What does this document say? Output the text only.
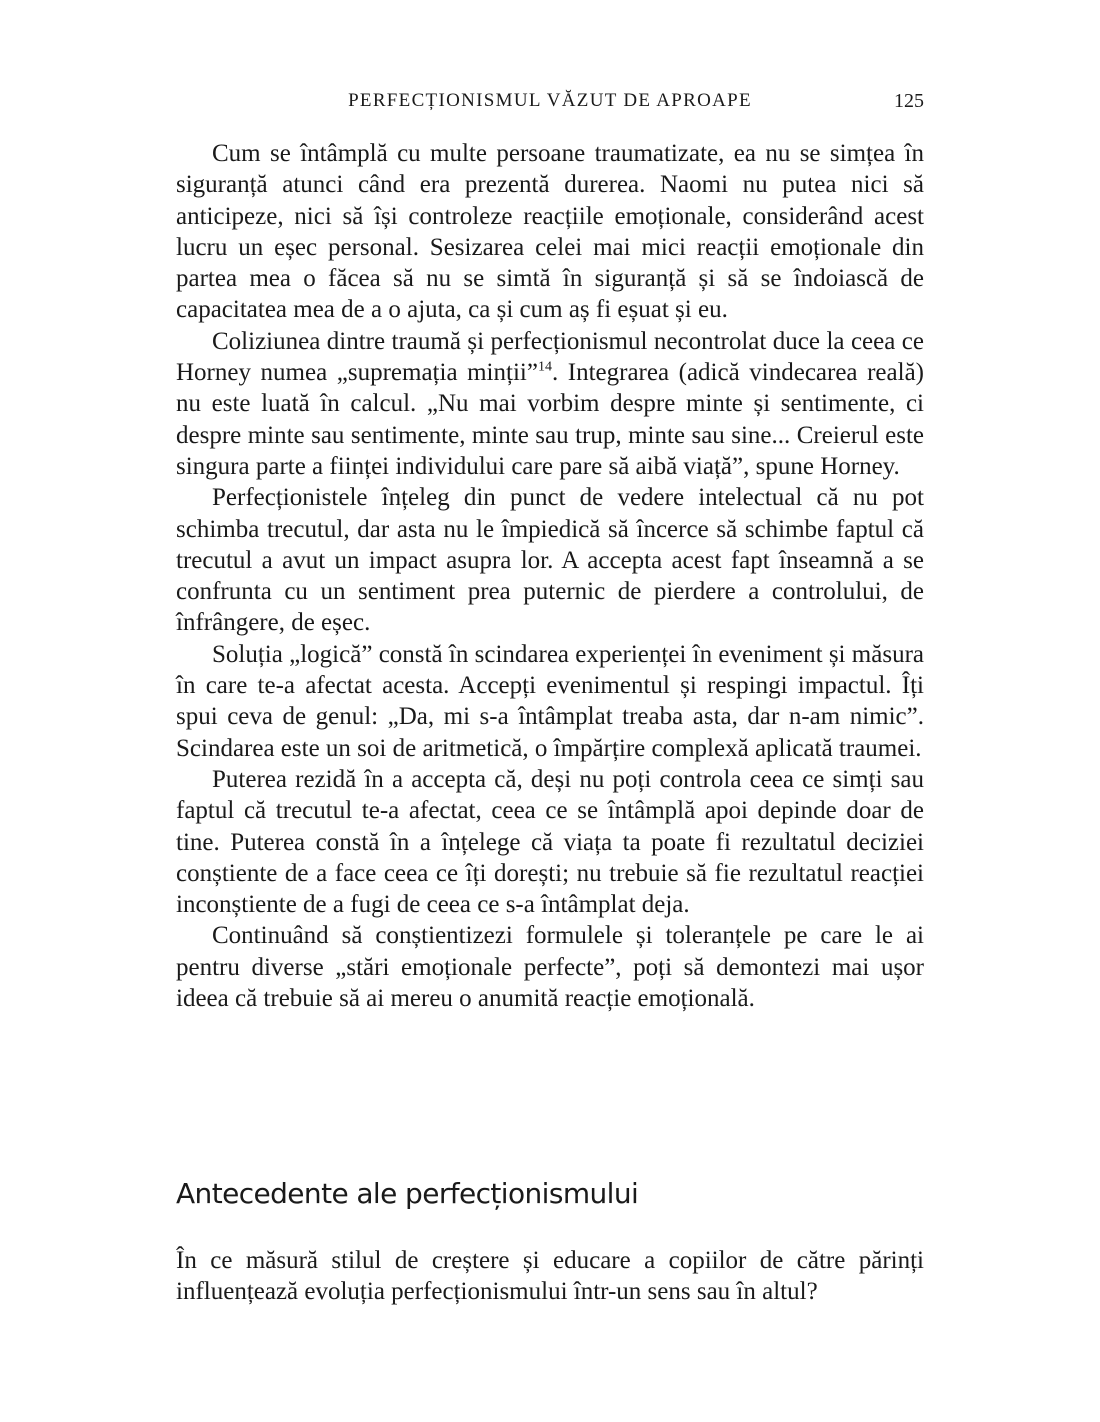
PERFECȚIONISMUL VĂZUT DE APROAPE	125

Cum se întâmplă cu multe persoane traumatizate, ea nu se simțea în siguranță atunci când era prezentă durerea. Naomi nu putea nici să anticipeze, nici să își controleze reacțiile emoționale, considerând acest lucru un eșec personal. Sesizarea celei mai mici reacții emoționale din partea mea o făcea să nu se simtă în siguranță și să se îndoiască de capacitatea mea de a o ajuta, ca și cum aș fi eșuat și eu.

Coliziunea dintre traumă și perfecționismul necontrolat duce la ceea ce Horney numea „supremația minții”$^{14}$. Integrarea (adică vindecarea reală) nu este luată în calcul. „Nu mai vorbim despre minte și sentimente, ci despre minte sau sentimente, minte sau trup, minte sau sine... Creierul este singura parte a ființei individului care pare să aibă viață”, spune Horney.

Perfecționistele înțeleg din punct de vedere intelectual că nu pot schimba trecutul, dar asta nu le împiedică să încerce să schimbe faptul că trecutul a avut un impact asupra lor. A accepta acest fapt înseamnă a se confrunta cu un sentiment prea puternic de pierdere a controlului, de înfrângere, de eșec.

Soluția „logică” constă în scindarea experienței în eveniment și măsura în care te-a afectat acesta. Accepți evenimentul și respingi impactul. Îți spui ceva de genul: „Da, mi s-a întâmplat treaba asta, dar n-am nimic”. Scindarea este un soi de aritmetică, o împărțire complexă aplicată traumei.

Puterea rezidă în a accepta că, deși nu poți controla ceea ce simți sau faptul că trecutul te-a afectat, ceea ce se întâmplă apoi depinde doar de tine. Puterea constă în a înțelege că viața ta poate fi rezultatul deciziei conștiente de a face ceea ce îți dorești; nu trebuie să fie rezultatul reacției inconștiente de a fugi de ceea ce s-a întâmplat deja.

Continuând să conștientizezi formulele și toleranțele pe care le ai pentru diverse „stări emoționale perfecte”, poți să demontezi mai ușor ideea că trebuie să ai mereu o anumită reacție emoțională.

Antecedente ale perfecționismului

În ce măsură stilul de creștere și educare a copiilor de către părinți influențează evoluția perfecționismului într-un sens sau în altul?
